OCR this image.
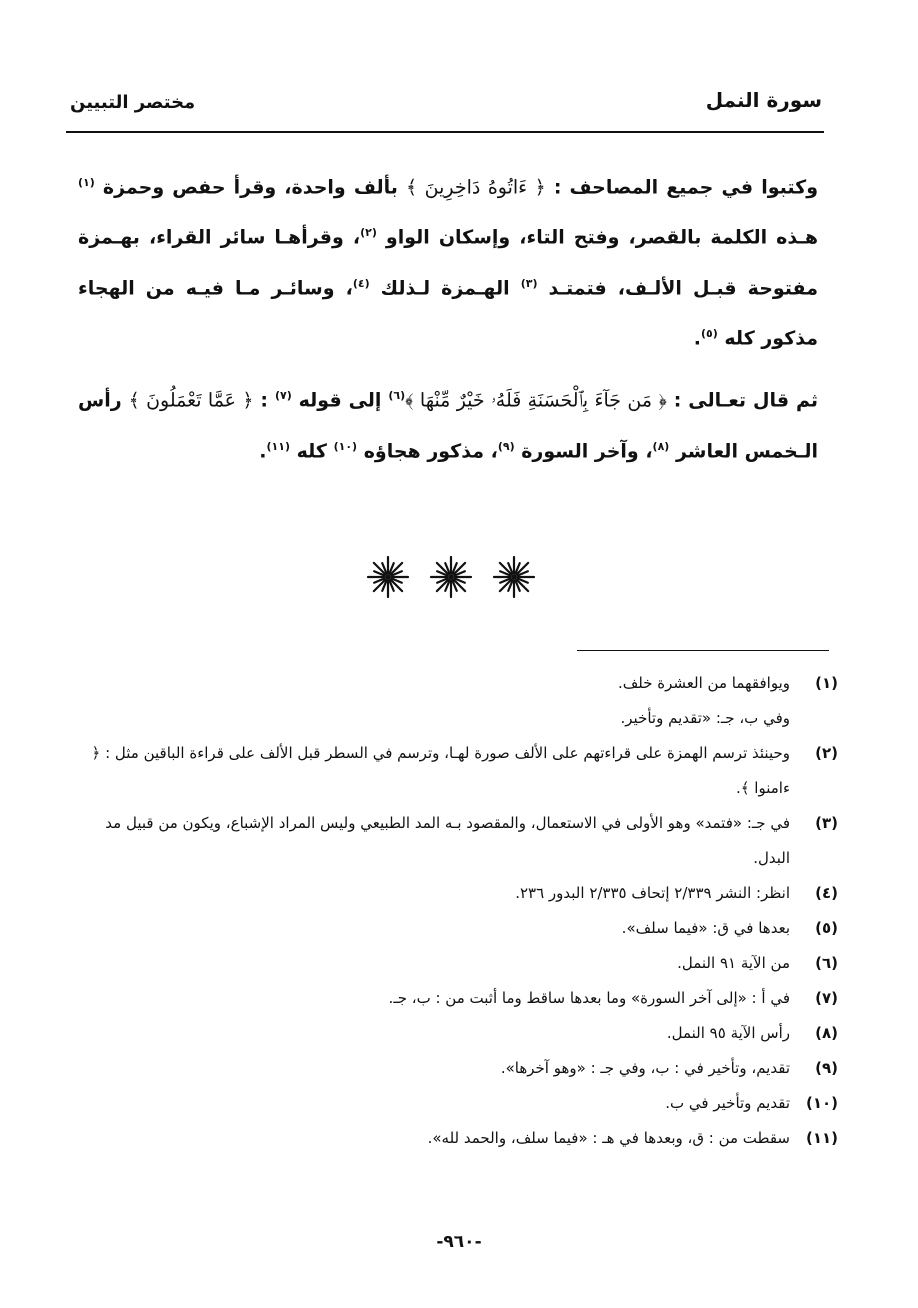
سورة النمل
مختصر التبيين

وكتبوا في جميع المصاحف : ﴿ ءَاتُوهُ دَاخِرِينَ ﴾ بألف واحدة، وقرأ حفص وحمزة $^{(١)}$ هـذه الكلمة بالقصر، وفتح التاء، وإسكان الواو $^{(٢)}$، وقرأهـا سائر القراء، بهـمزة مفتوحة قبـل الألـف، فتمتـد $^{(٣)}$ الهـمزة لـذلك $^{(٤)}$، وسائـر مـا فيـه من الهجاء مذكور كله $^{(٥)}$.

ثم قال تعـالى : ﴿ مَن جَآءَ بِٱلْحَسَنَةِ فَلَهُۥ خَيْرٌ مِّنْهَا ﴾$^{(٦)}$ إلى قوله $^{(٧)}$ : ﴿ عَمَّا تَعْمَلُونَ ﴾ رأس الـخمس العاشر $^{(٨)}$، وآخر السورة $^{(٩)}$، مذكور هجاؤه $^{(١٠)}$ كله $^{(١١)}$.

(١)
ويوافقهما من العشرة خلف.
وفي ب، جـ: «تقديم وتأخير.
(٢)
وحينئذ ترسم الهمزة على قراءتهم على الألف صورة لهـا، وترسم في السطر قبل الألف على قراءة الباقين مثل : ﴿ ءامنوا ﴾.
(٣)
في جـ: «فتمد» وهو الأولى في الاستعمال، والمقصود بـه المد الطبيعي وليس المراد الإشباع، ويكون من قبيل مد البدل.
(٤)
انظر: النشر ٢/٣٣٩ إتحاف ٢/٣٣٥ البدور ٢٣٦.
(٥)
بعدها في ق: «فيما سلف».
(٦)
من الآية ٩١ النمل.
(٧)
في أ : «إلى آخر السورة» وما بعدها ساقط وما أثبت من : ب، جـ.
(٨)
رأس الآية ٩٥ النمل.
(٩)
تقديم، وتأخير في : ب، وفي جـ : «وهو آخرها».
(١٠)
تقديم وتأخير في ب.
(١١)
سقطت من : ق، وبعدها في هـ : «فيما سلف، والحمد لله».
-٩٦٠-
